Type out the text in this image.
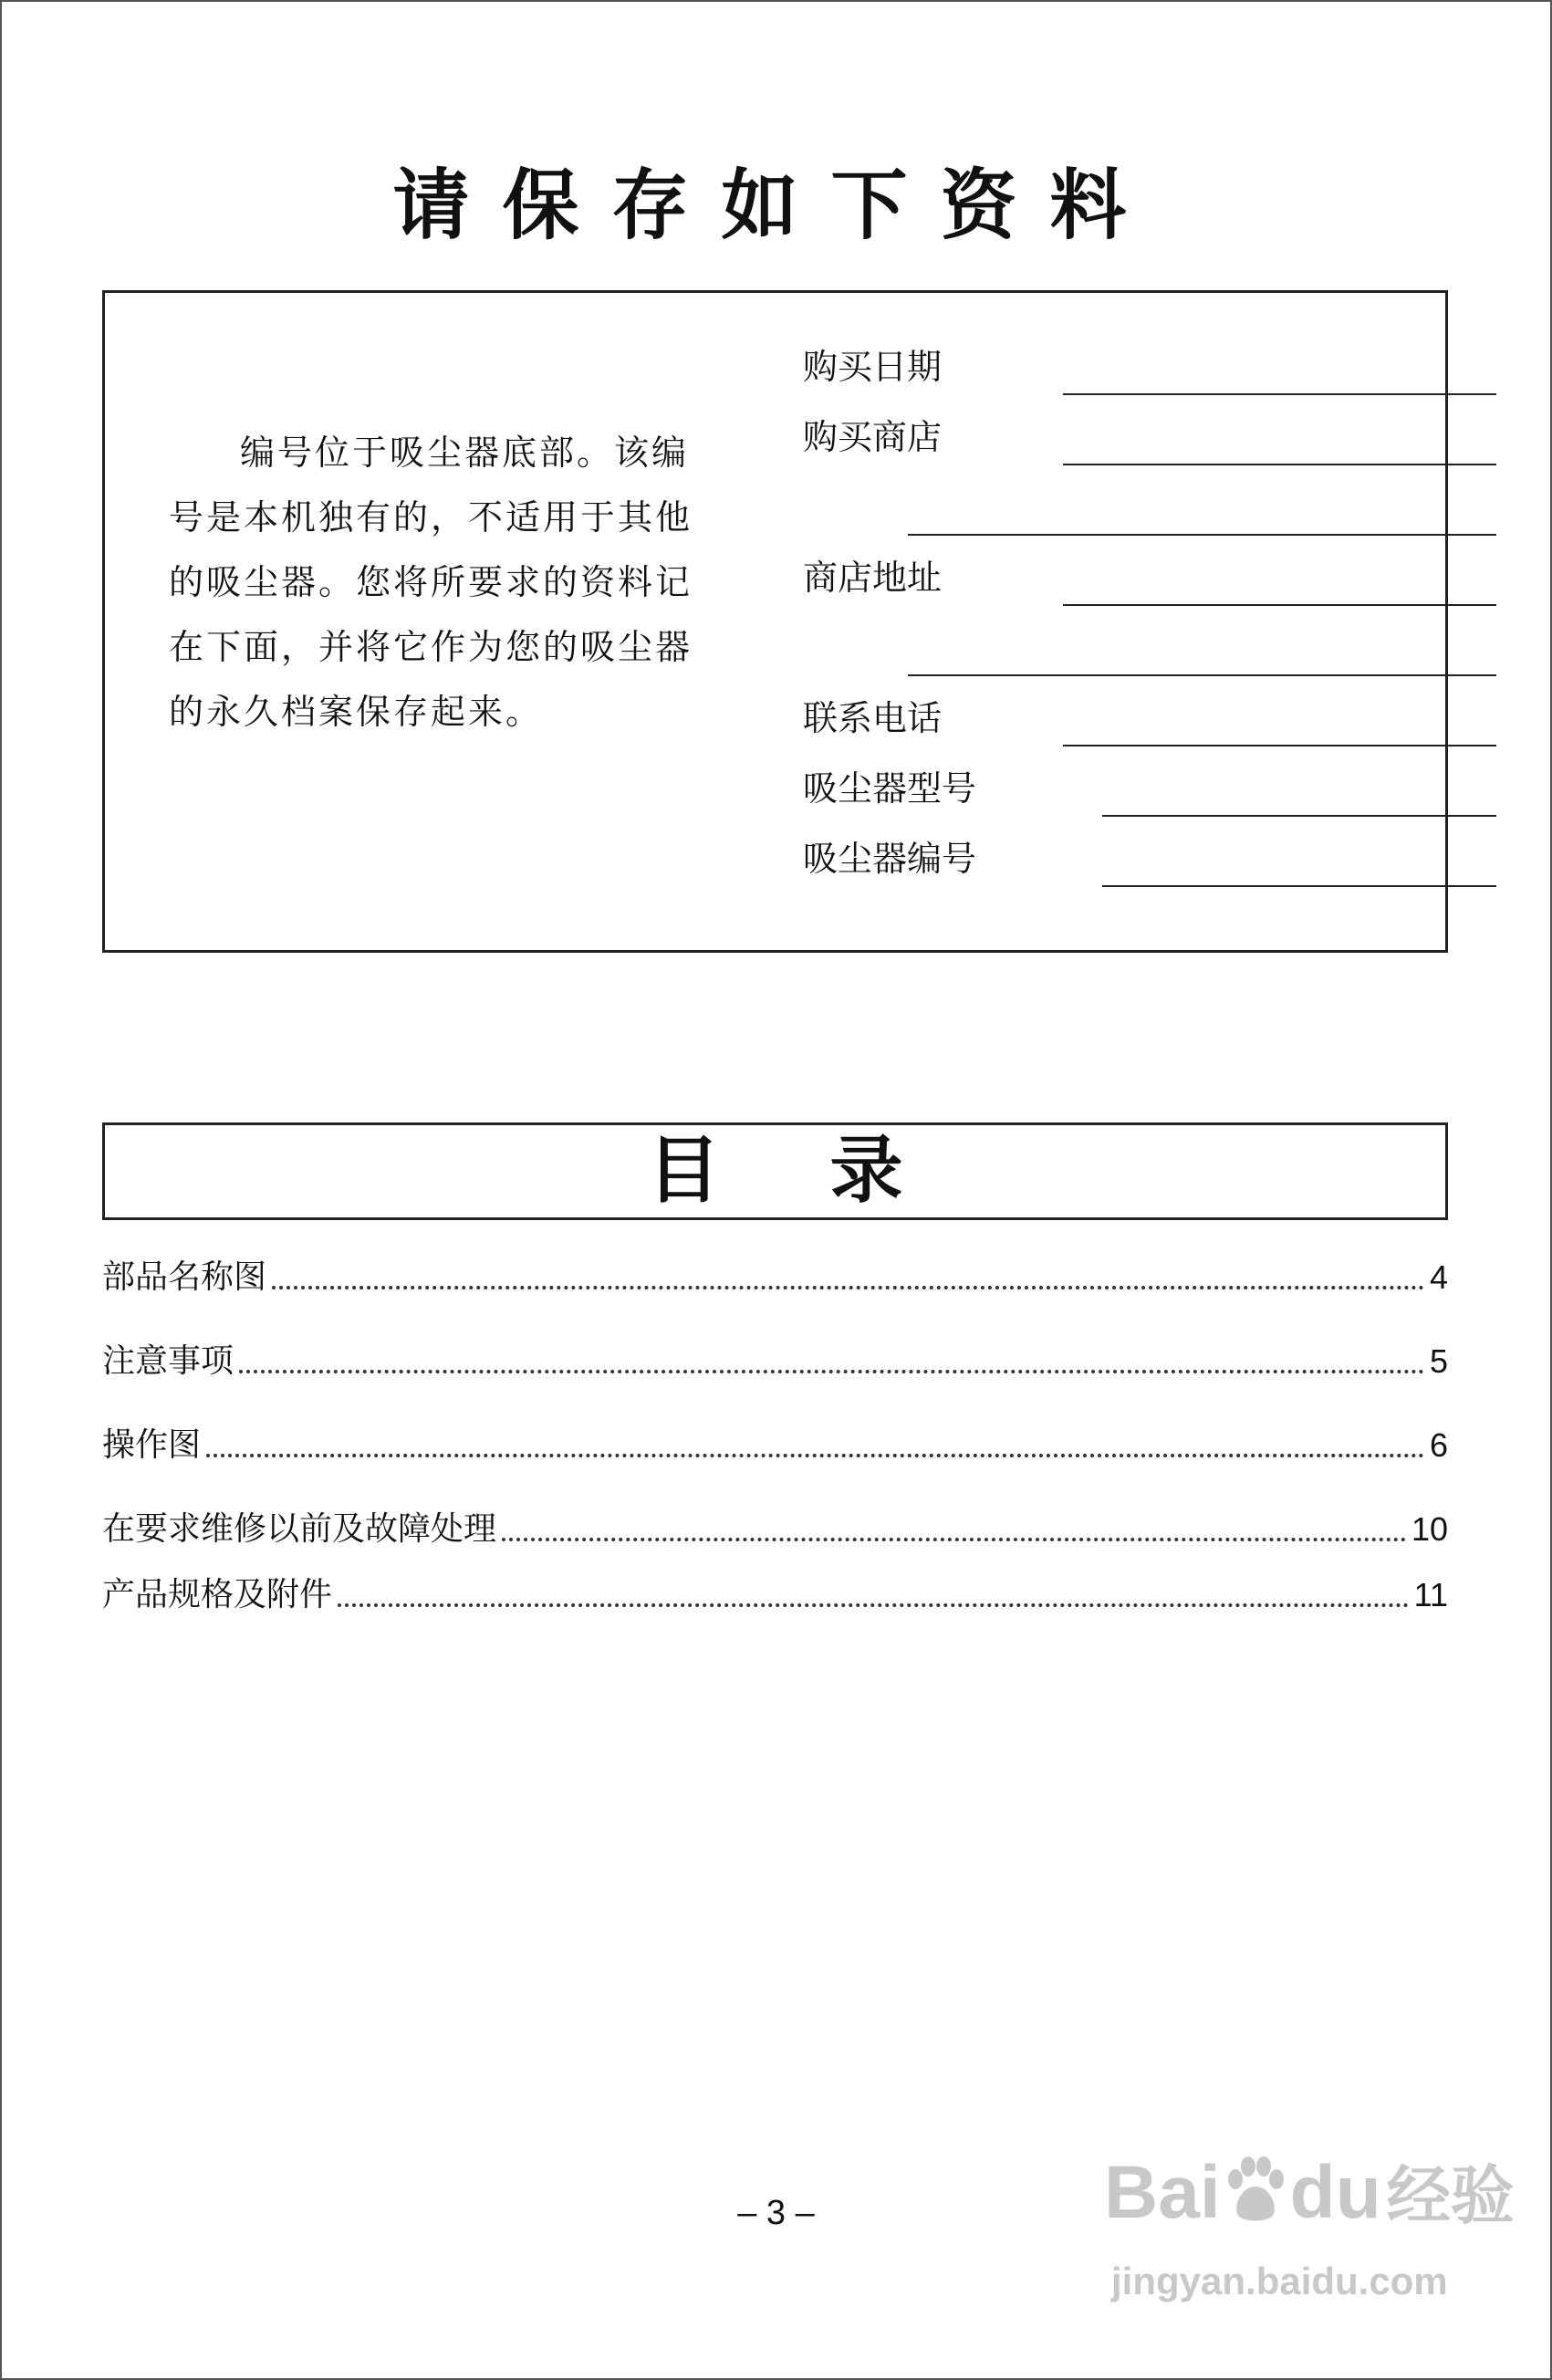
请保存如下资料
编号位于吸尘器底部。该编号是本机独有的，不适用于其他的吸尘器。您将所要求的资料记在下面，并将它作为您的吸尘器的永久档案保存起来。
购买日期
购买商店
商店地址
联系电话
吸尘器型号
吸尘器编号
目录
部品名称图	4
注意事项	5
操作图	6
在要求维修以前及故障处理	10
产品规格及附件	11
– 3 –	Bai du经验
jingyan.baidu.com
